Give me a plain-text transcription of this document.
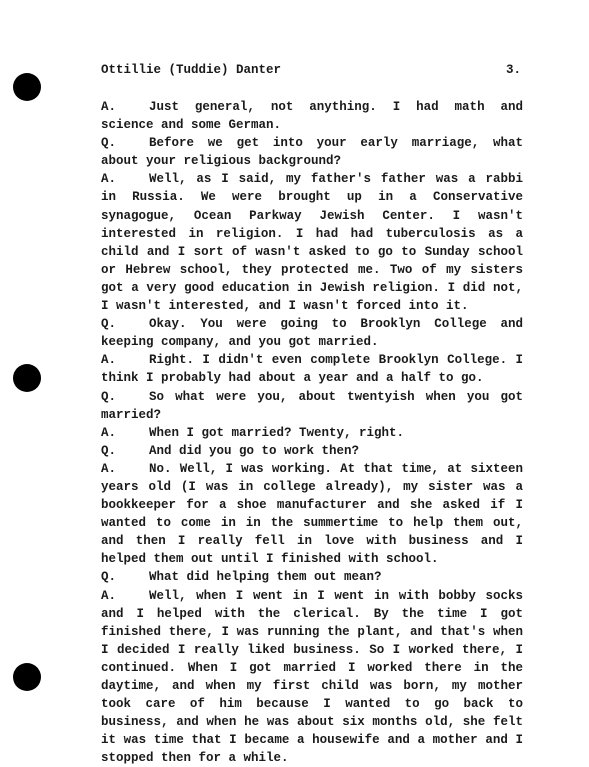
Ottillie (Tuddie) Danter	3.

A.	Just general, not anything. I had math and science and some German.

Q.	Before we get into your early marriage, what about your religious background?

A.	Well, as I said, my father's father was a rabbi in Russia. We were brought up in a Conservative synagogue, Ocean Parkway Jewish Center. I wasn't interested in religion. I had had tuberculosis as a child and I sort of wasn't asked to go to Sunday school or Hebrew school, they protected me. Two of my sisters got a very good education in Jewish religion. I did not, I wasn't interested, and I wasn't forced into it.

Q.	Okay. You were going to Brooklyn College and keeping company, and you got married.

A.	Right. I didn't even complete Brooklyn College. I think I probably had about a year and a half to go.

Q.	So what were you, about twentyish when you got married?

A.	When I got married? Twenty, right.

Q.	And did you go to work then?

A.	No. Well, I was working. At that time, at sixteen years old (I was in college already), my sister was a bookkeeper for a shoe manufacturer and she asked if I wanted to come in in the summertime to help them out, and then I really fell in love with business and I helped them out until I finished with school.

Q.	What did helping them out mean?

A.	Well, when I went in I went in with bobby socks and I helped with the clerical. By the time I got finished there, I was running the plant, and that's when I decided I really liked business. So I worked there, I continued. When I got married I worked there in the daytime, and when my first child was born, my mother took care of him because I wanted to go back to business, and when he was about six months old, she felt it was time that I became a housewife and a mother and I stopped then for a while.
